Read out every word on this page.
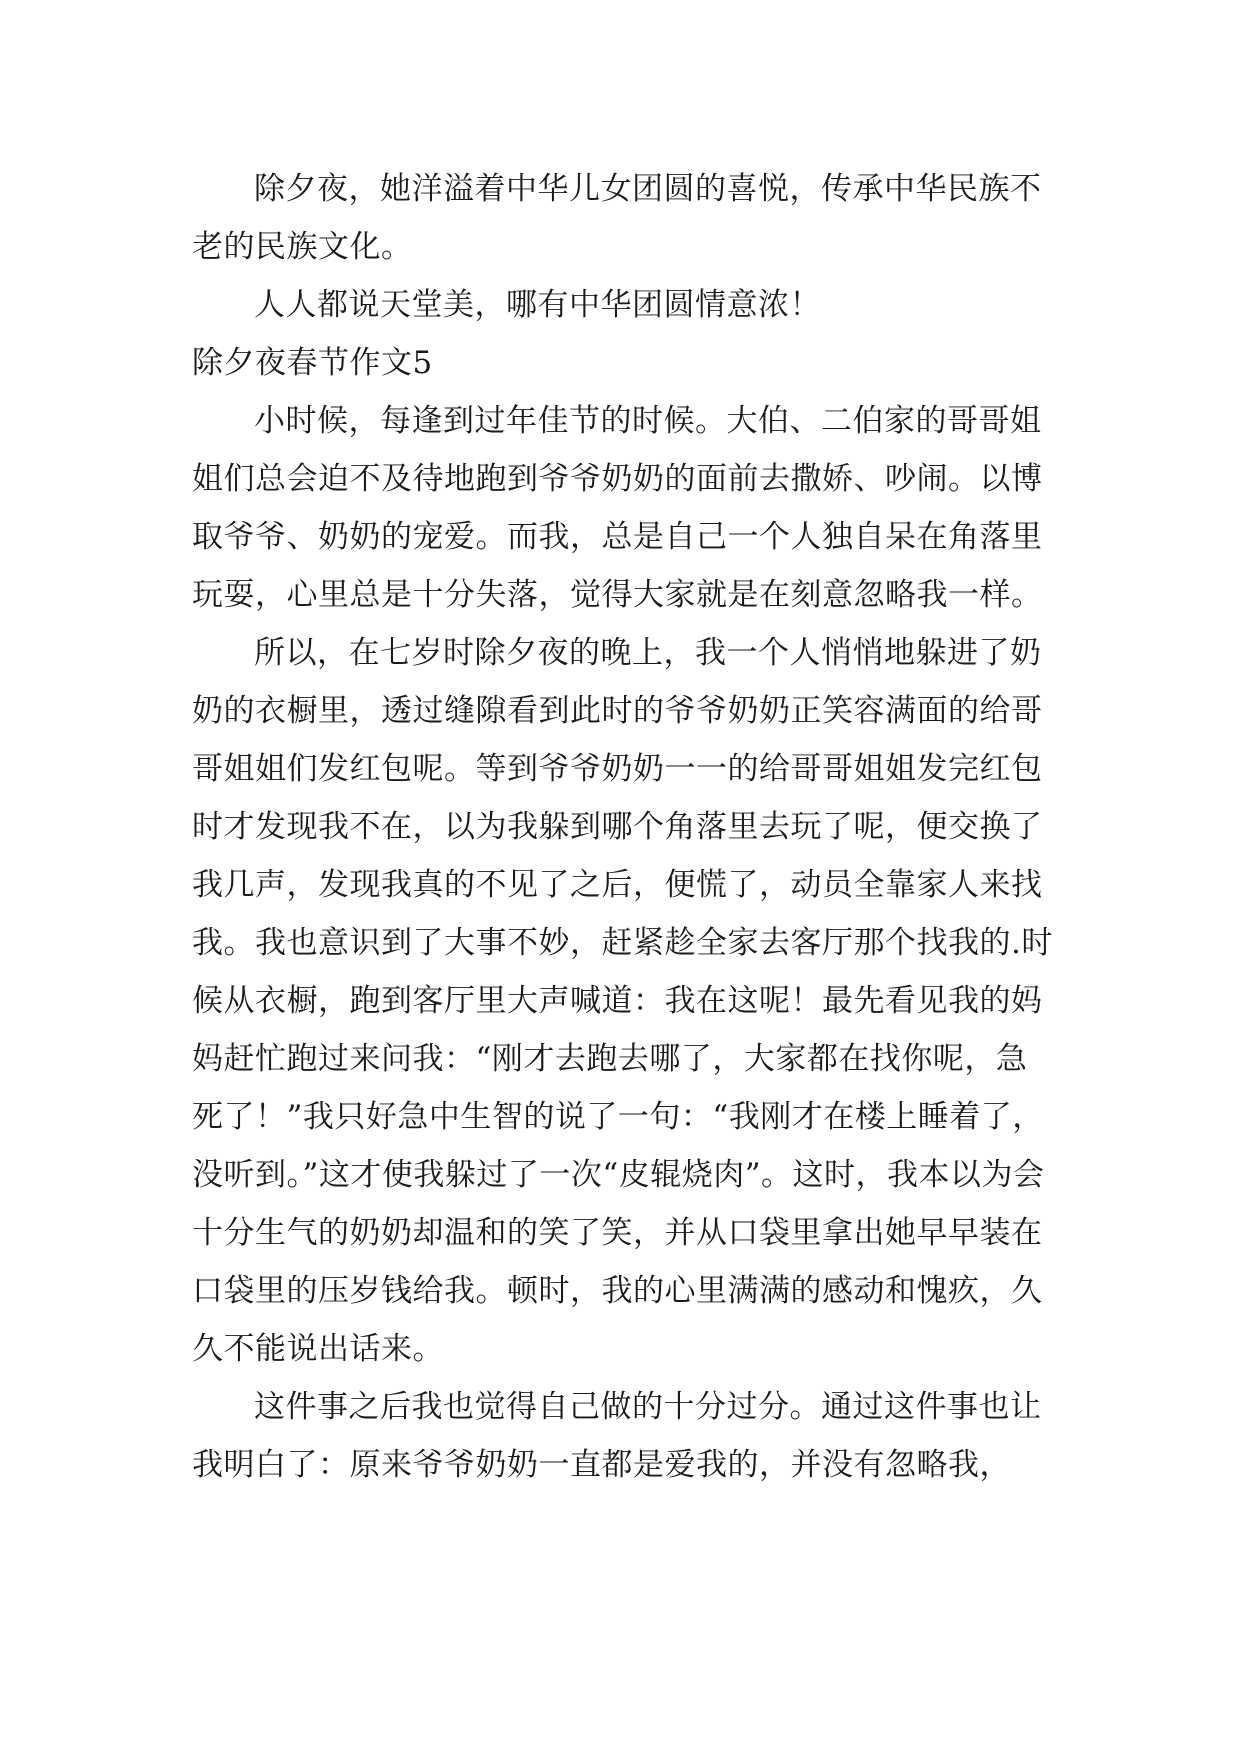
除夕夜，她洋溢着中华儿女团圆的喜悦，传承中华民族不老的民族文化。

人人都说天堂美，哪有中华团圆情意浓！

除夕夜春节作文5

小时候，每逢到过年佳节的时候。大伯、二伯家的哥哥姐姐们总会迫不及待地跑到爷爷奶奶的面前去撒娇、吵闹。以博取爷爷、奶奶的宠爱。而我，总是自己一个人独自呆在角落里玩耍，心里总是十分失落，觉得大家就是在刻意忽略我一样。

所以，在七岁时除夕夜的晚上，我一个人悄悄地躲进了奶奶的衣橱里，透过缝隙看到此时的爷爷奶奶正笑容满面的给哥哥姐姐们发红包呢。等到爷爷奶奶一一的给哥哥姐姐发完红包时才发现我不在，以为我躲到哪个角落里去玩了呢，便交换了我几声，发现我真的不见了之后，便慌了，动员全靠家人来找我。我也意识到了大事不妙，赶紧趁全家去客厅那个找我的.时候从衣橱，跑到客厅里大声喊道：我在这呢！最先看见我的妈妈赶忙跑过来问我：“刚才去跑去哪了，大家都在找你呢，急死了！”我只好急中生智的说了一句：“我刚才在楼上睡着了，没听到。”这才使我躲过了一次“皮辊烧肉”。这时，我本以为会十分生气的奶奶却温和的笑了笑，并从口袋里拿出她早早装在口袋里的压岁钱给我。顿时，我的心里满满的感动和愧疚，久久不能说出话来。

这件事之后我也觉得自己做的十分过分。通过这件事也让我明白了：原来爷爷奶奶一直都是爱我的，并没有忽略我，
